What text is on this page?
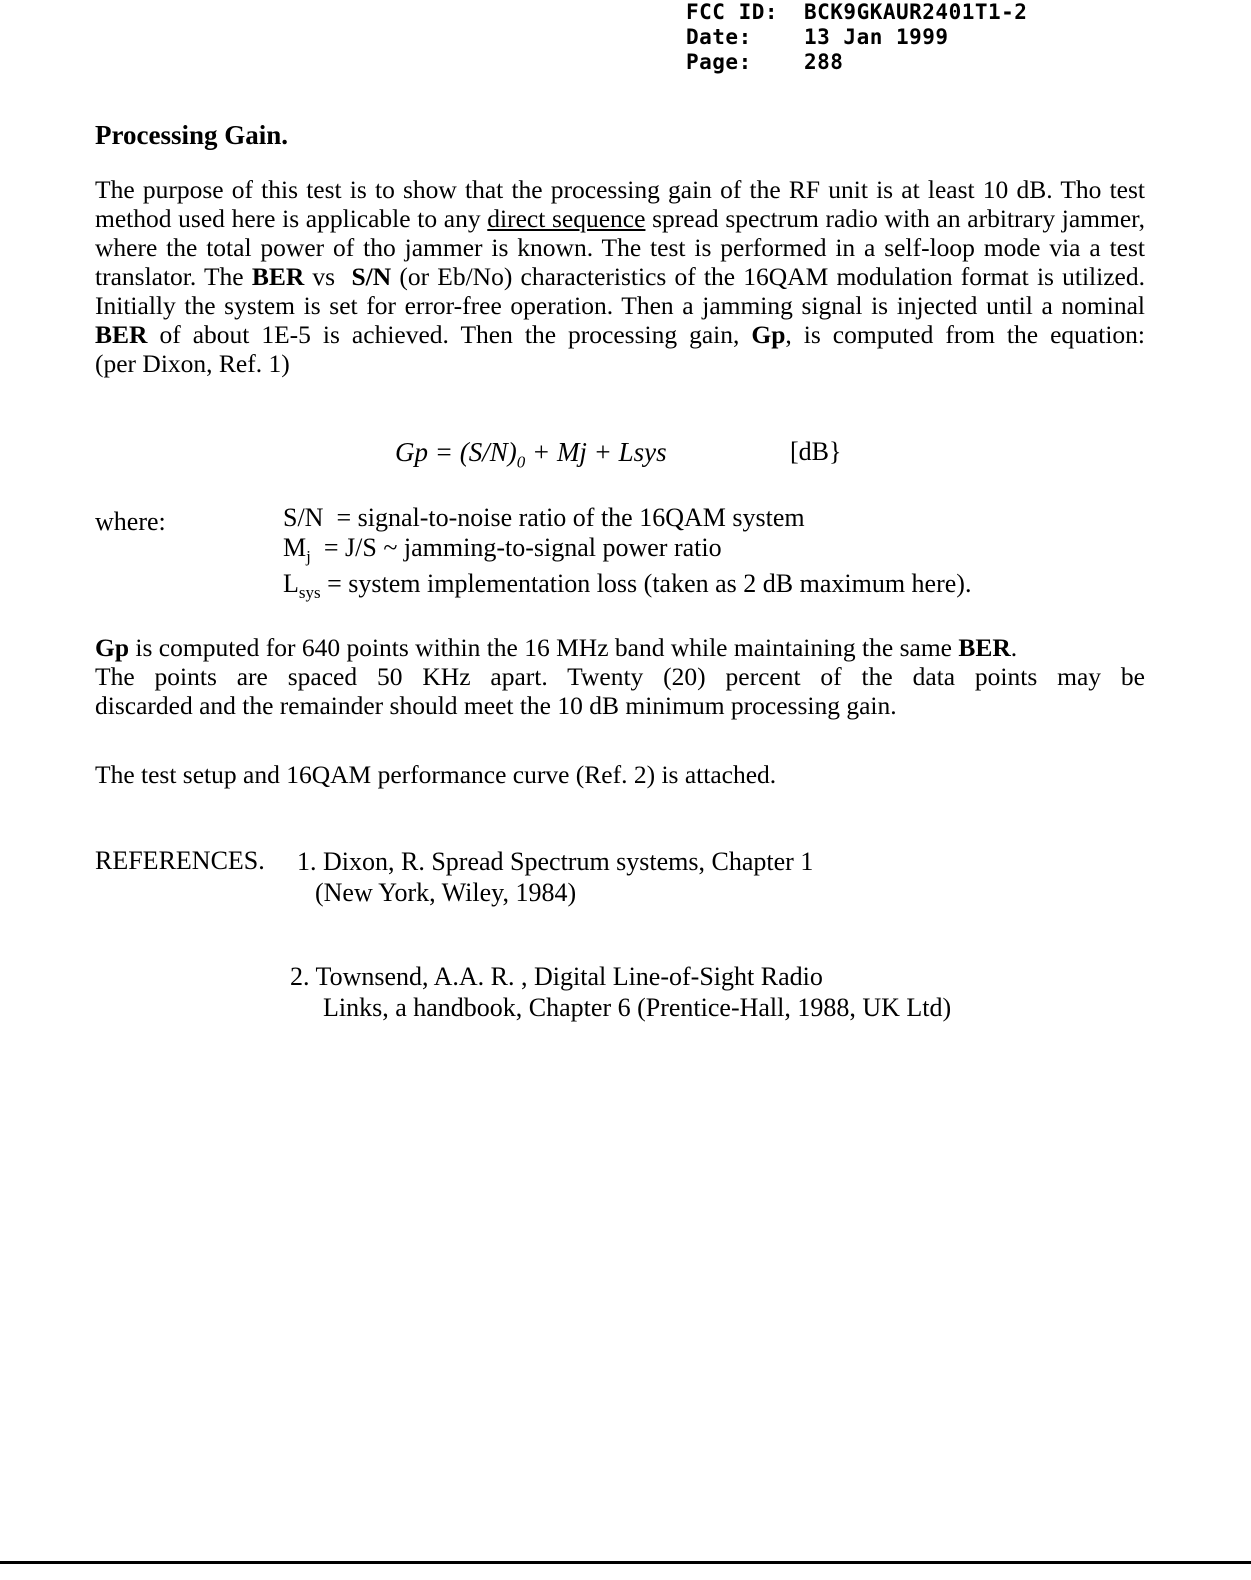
FCC ID:	BCK9GKAUR2401T1-2
Date:	13 Jan 1999
Page:	288
Processing Gain.
The purpose of this test is to show that the processing gain of the RF unit is at least 10 dB. Tho test method used here is applicable to any direct sequence spread spectrum radio with an arbitrary jammer, where the total power of tho jammer is known. The test is performed in a self-loop mode via a test translator. The BER vs  S/N (or Eb/No) characteristics of the 16QAM modulation format is utilized. Initially the system is set for error-free operation. Then a jamming signal is injected until a nominal BER of about 1E-5 is achieved. Then the processing gain, Gp, is computed from the equation:
(per Dixon, Ref. 1)
$Gp = (S/N)_0 + Mj$ + Lsys	[dB}
where:	S/N  = signal-to-noise ratio of the 16QAM system
$M_j = J/S$ ~ jamming-to-signal power ratio
$L_{sys}$ = system implementation loss (taken as 2 dB maximum here).
Gp is computed for 640 points within the 16 MHz band while maintaining the same BER.
The points are spaced 50 KHz apart. Twenty (20) percent of the data points may be
discarded and the remainder should meet the 10 dB minimum processing gain.
The test setup and 16QAM performance curve (Ref. 2) is attached.
REFERENCES. 1. Dixon, R. Spread Spectrum systems, Chapter 1
(New York, Wiley, 1984)
2. Townsend, A.A. R. , Digital Line-of-Sight Radio
Links, a handbook, Chapter 6 (Prentice-Hall, 1988, UK Ltd)
